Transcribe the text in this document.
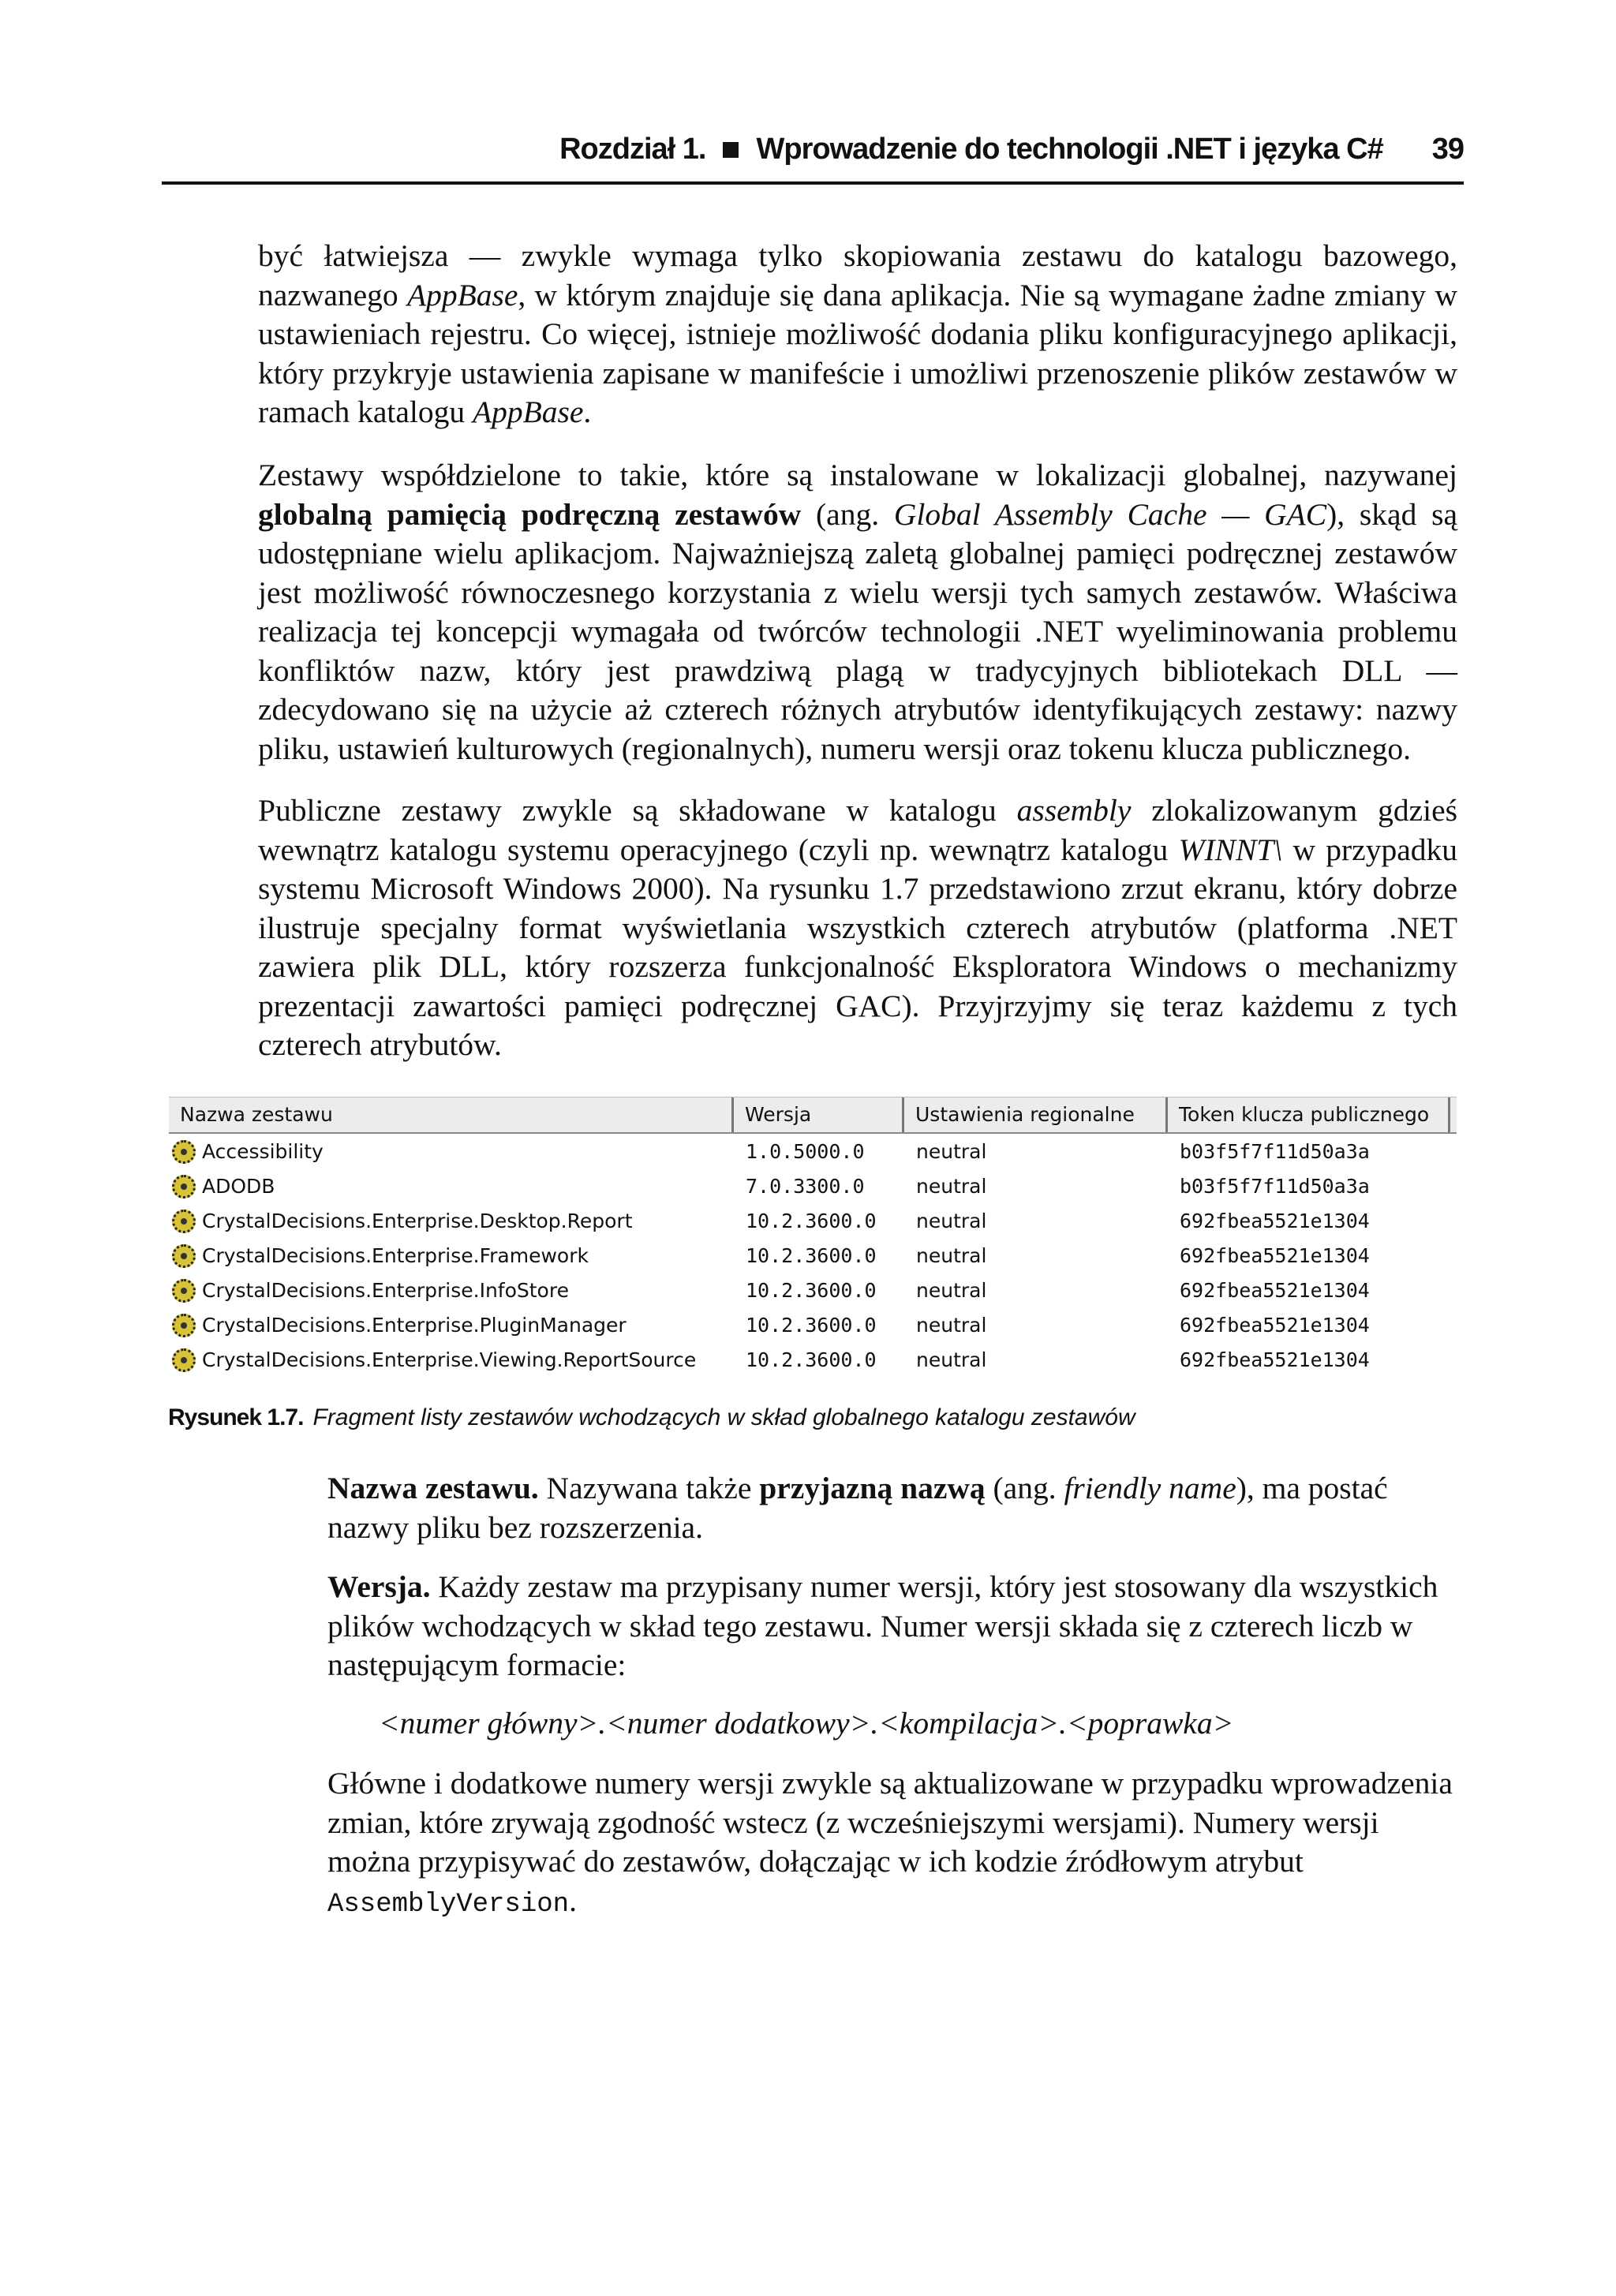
Rozdział 1. Wprowadzenie do technologii .NET i języka C# 39

być łatwiejsza — zwykle wymaga tylko skopiowania zestawu do katalogu bazowego, nazwanego AppBase, w którym znajduje się dana aplikacja. Nie są wymagane żadne zmiany w ustawieniach rejestru. Co więcej, istnieje możliwość dodania pliku konfiguracyjnego aplikacji, który przykryje ustawienia zapisane w manifeście i umożliwi przenoszenie plików zestawów w ramach katalogu AppBase.

Zestawy współdzielone to takie, które są instalowane w lokalizacji globalnej, nazywanej globalną pamięcią podręczną zestawów (ang. Global Assembly Cache — GAC), skąd są udostępniane wielu aplikacjom. Najważniejszą zaletą globalnej pamięci podręcznej zestawów jest możliwość równoczesnego korzystania z wielu wersji tych samych zestawów. Właściwa realizacja tej koncepcji wymagała od twórców technologii .NET wyeliminowania problemu konfliktów nazw, który jest prawdziwą plagą w tradycyjnych bibliotekach DLL — zdecydowano się na użycie aż czterech różnych atrybutów identyfikujących zestawy: nazwy pliku, ustawień kulturowych (regionalnych), numeru wersji oraz tokenu klucza publicznego.

Publiczne zestawy zwykle są składowane w katalogu assembly zlokalizowanym gdzieś wewnątrz katalogu systemu operacyjnego (czyli np. wewnątrz katalogu WINNT\ w przypadku systemu Microsoft Windows 2000). Na rysunku 1.7 przedstawiono zrzut ekranu, który dobrze ilustruje specjalny format wyświetlania wszystkich czterech atrybutów (platforma .NET zawiera plik DLL, który rozszerza funkcjonalność Eksploratora Windows o mechanizmy prezentacji zawartości pamięci podręcznej GAC). Przyjrzyjmy się teraz każdemu z tych czterech atrybutów.

Nazwa zestawu	Wersja	Ustawienia regionalne	Token klucza publicznego
Accessibility	1.0.5000.0	neutral	b03f5f7f11d50a3a
ADODB	7.0.3300.0	neutral	b03f5f7f11d50a3a
CrystalDecisions.Enterprise.Desktop.Report	10.2.3600.0 neutral	692fbea5521e1304
CrystalDecisions.Enterprise.Framework	10.2.3600.0 neutral	692fbea5521e1304
CrystalDecisions.Enterprise.InfoStore	10.2.3600.0 neutral	692fbea5521e1304
CrystalDecisions.Enterprise.PluginManager	10.2.3600.0 neutral	692fbea5521e1304
CrystalDecisions.Enterprise.Viewing.ReportSource	10.2.3600.0 neutral	692fbea5521e1304
Rysunek 1.7. Fragment listy zestawów wchodzących w skład globalnego katalogu zestawów

Nazwa zestawu. Nazywana także przyjazną nazwą (ang. friendly name), ma postać nazwy pliku bez rozszerzenia.

Wersja. Każdy zestaw ma przypisany numer wersji, który jest stosowany dla wszystkich plików wchodzących w skład tego zestawu. Numer wersji składa się z czterech liczb w następującym formacie:

<numer główny>.<numer dodatkowy>.<kompilacja>.<poprawka>

Główne i dodatkowe numery wersji zwykle są aktualizowane w przypadku wprowadzenia zmian, które zrywają zgodność wstecz (z wcześniejszymi wersjami). Numery wersji można przypisywać do zestawów, dołączając w ich kodzie źródłowym atrybut AssemblyVersion.
